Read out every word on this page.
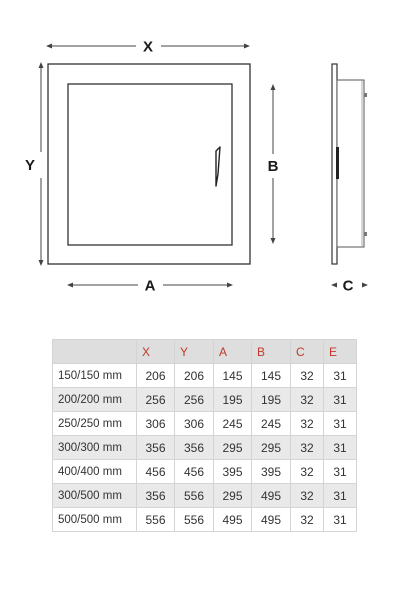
X
Y	B
A	C
	X	Y	A	B	C	E
150/150 mm	206	206	145	145	32	31
200/200 mm	256	256	195	195	32	31
250/250 mm	306	306	245	245	32	31
300/300 mm	356	356	295	295	32	31
400/400 mm	456	456	395	395	32	31
300/500 mm	356	556	295	495	32	31
500/500 mm	556	556	495	495	32	31
